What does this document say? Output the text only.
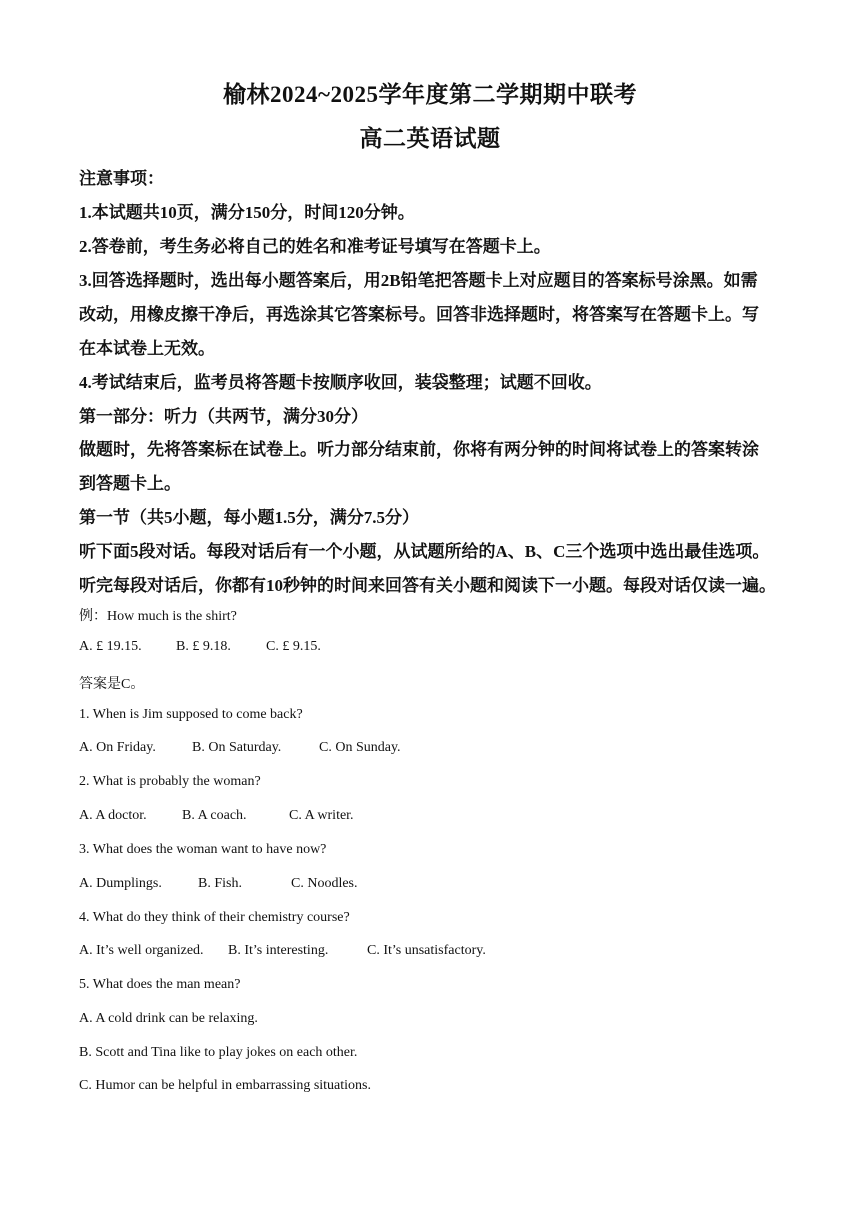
榆林2024~2025学年度第二学期期中联考
高二英语试题
注意事项：
1.本试题共10页，满分150分，时间120分钟。
2.答卷前，考生务必将自己的姓名和准考证号填写在答题卡上。
3.回答选择题时，选出每小题答案后，用2B铅笔把答题卡上对应题目的答案标号涂黑。如需
改动，用橡皮擦干净后，再选涂其它答案标号。回答非选择题时，将答案写在答题卡上。写
在本试卷上无效。
4.考试结束后，监考员将答题卡按顺序收回，装袋整理；试题不回收。
第一部分：听力（共两节，满分30分）
做题时，先将答案标在试卷上。听力部分结束前，你将有两分钟的时间将试卷上的答案转涂
到答题卡上。
第一节（共5小题，每小题1.5分，满分7.5分）
听下面5段对话。每段对话后有一个小题，从试题所给的A、B、C三个选项中选出最佳选项。
听完每段对话后，你都有10秒钟的时间来回答有关小题和阅读下一小题。每段对话仅读一遍。
例：How much is the shirt?
A. £ 19.15. B. £ 9.18.	C. £ 9.15.
答案是C。
1. When is Jim supposed to come back?
A. On Friday.	B. On Saturday.	C. On Sunday.
2. What is probably the woman?
A. A doctor.	B. A coach.	C. A writer.
3. What does the woman want to have now?
A. Dumplings.	B. Fish.	C. Noodles.
4. What do they think of their chemistry course?
A. It’s well organized. B. It’s interesting.	C. It’s unsatisfactory.
5. What does the man mean?
A. A cold drink can be relaxing.
B. Scott and Tina like to play jokes on each other.
C. Humor can be helpful in embarrassing situations.
